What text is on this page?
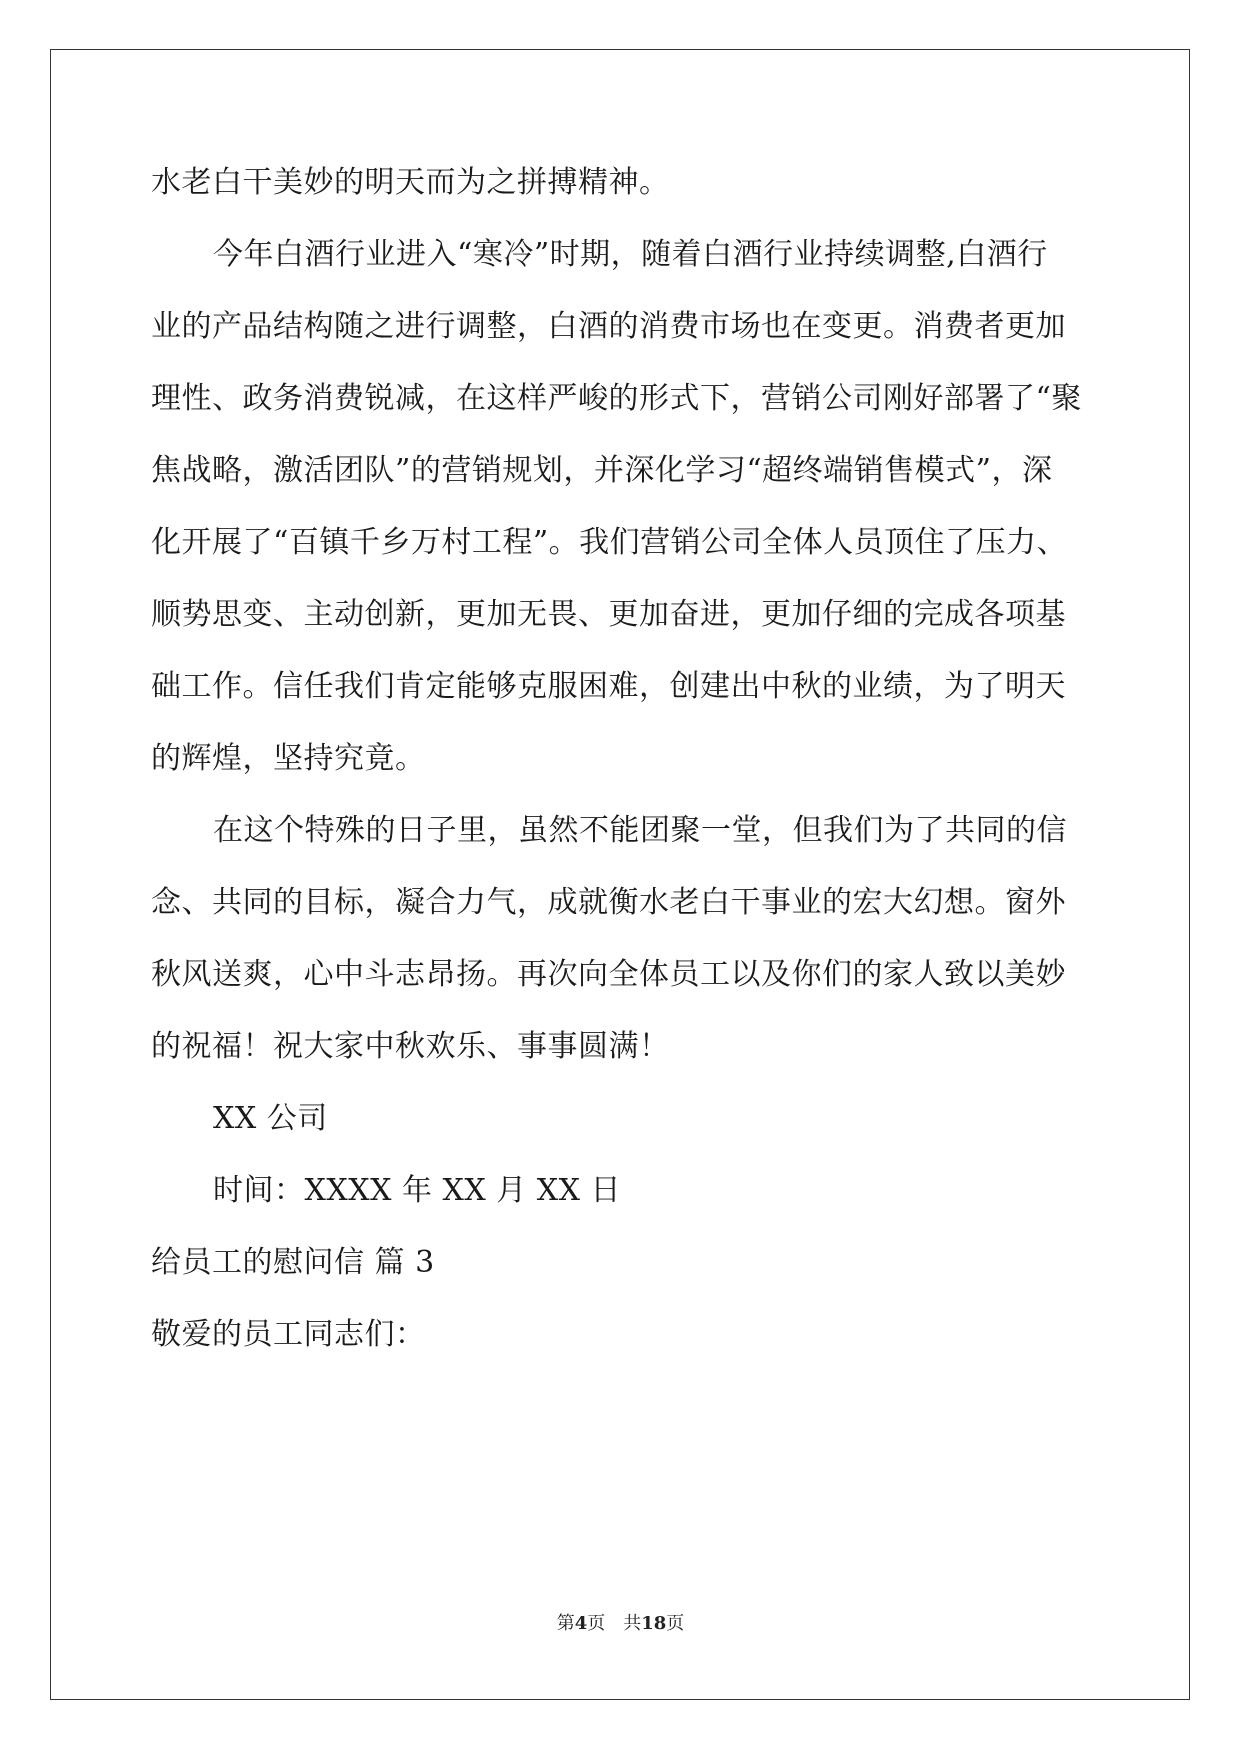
水老白干美妙的明天而为之拼搏精神。
今年白酒行业进入“寒冷”时期，随着白酒行业持续调整,白酒行
业的产品结构随之进行调整，白酒的消费市场也在变更。消费者更加
理性、政务消费锐减，在这样严峻的形式下，营销公司刚好部署了“聚
焦战略，激活团队”的营销规划，并深化学习“超终端销售模式”，深
化开展了“百镇千乡万村工程”。我们营销公司全体人员顶住了压力、
顺势思变、主动创新，更加无畏、更加奋进，更加仔细的完成各项基
础工作。信任我们肯定能够克服困难，创建出中秋的业绩，为了明天
的辉煌，坚持究竟。
在这个特殊的日子里，虽然不能团聚一堂，但我们为了共同的信
念、共同的目标，凝合力气，成就衡水老白干事业的宏大幻想。窗外
秋风送爽，心中斗志昂扬。再次向全体员工以及你们的家人致以美妙
的祝福！祝大家中秋欢乐、事事圆满！
XX 公司
时间：XXXX 年 XX 月 XX 日
给员工的慰问信 篇 3
敬爱的员工同志们：
第4页　共18页
